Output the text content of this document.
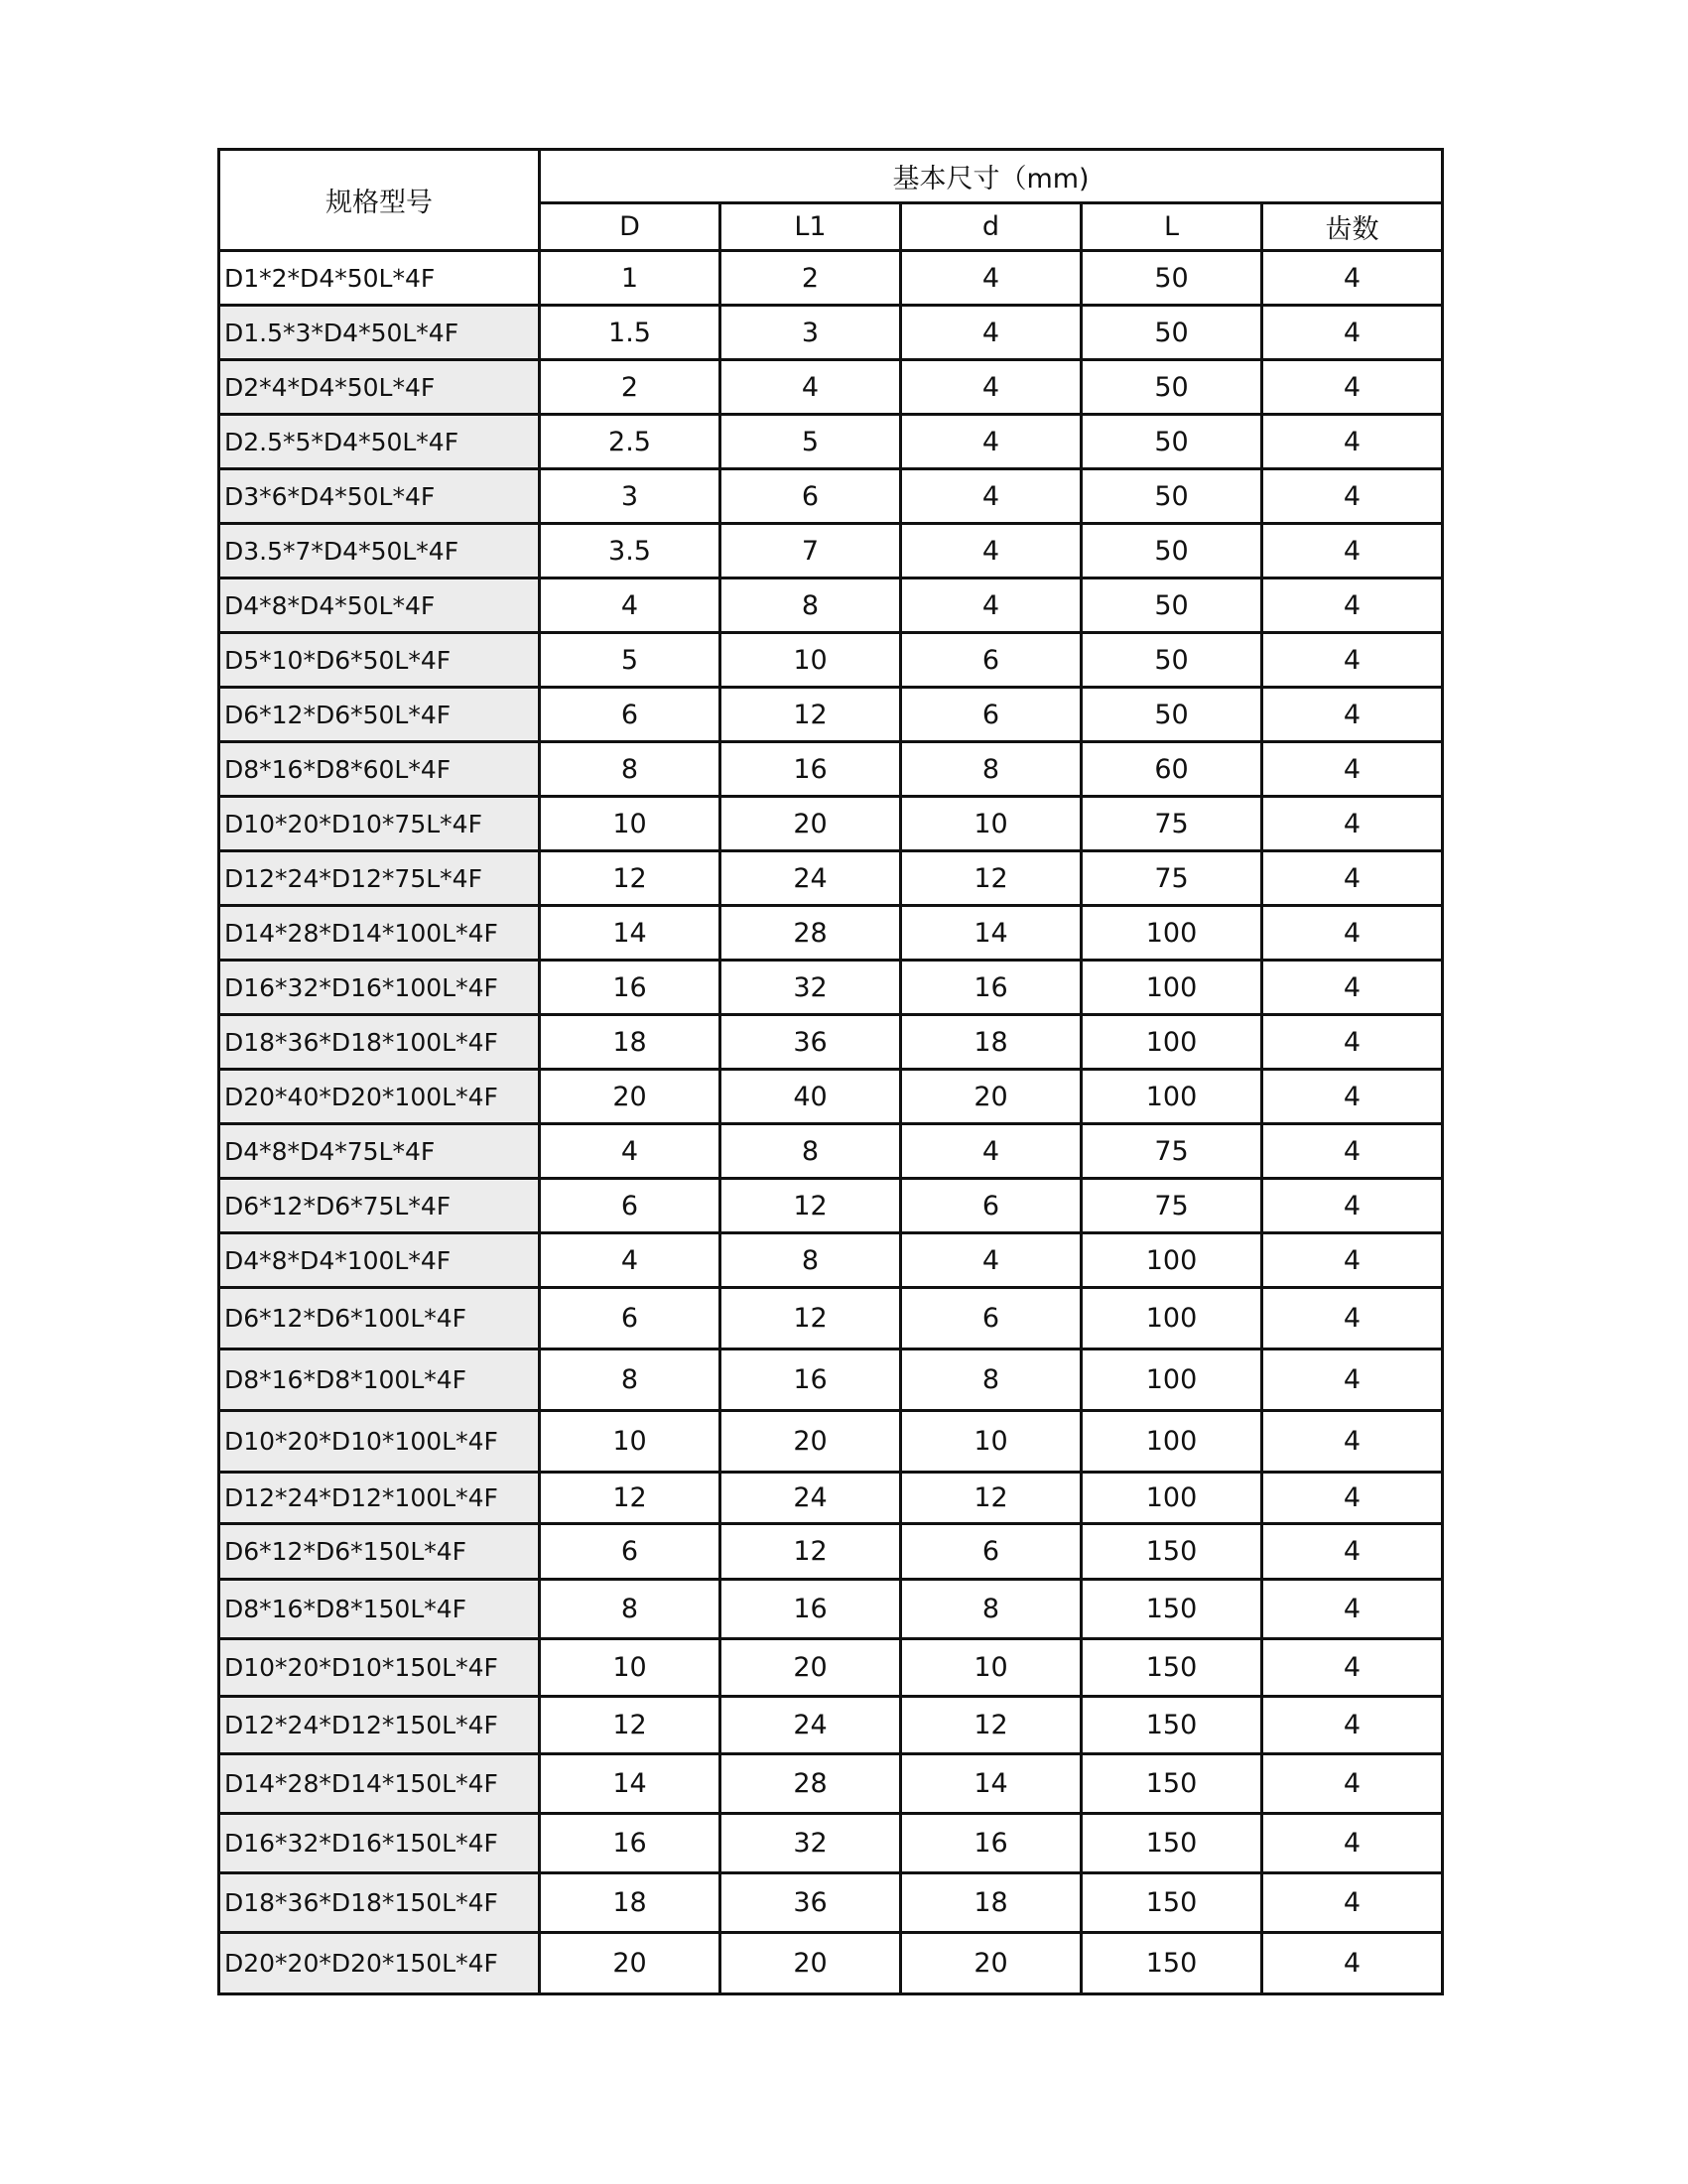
规格型号	基本尺寸（mm)				
	D	L1	d	L	齿数
D1*2*D4*50L*4F	1	2	4	50	4
D1.5*3*D4*50L*4F	1.5	3	4	50	4
D2*4*D4*50L*4F	2	4	4	50	4
D2.5*5*D4*50L*4F	2.5	5	4	50	4
D3*6*D4*50L*4F	3	6	4	50	4
D3.5*7*D4*50L*4F	3.5	7	4	50	4
D4*8*D4*50L*4F	4	8	4	50	4
D5*10*D6*50L*4F	5	10	6	50	4
D6*12*D6*50L*4F	6	12	6	50	4
D8*16*D8*60L*4F	8	16	8	60	4
D10*20*D10*75L*4F	10	20	10	75	4
D12*24*D12*75L*4F	12	24	12	75	4
D14*28*D14*100L*4F	14	28	14	100	4
D16*32*D16*100L*4F	16	32	16	100	4
D18*36*D18*100L*4F	18	36	18	100	4
D20*40*D20*100L*4F	20	40	20	100	4
D4*8*D4*75L*4F	4	8	4	75	4
D6*12*D6*75L*4F	6	12	6	75	4
D4*8*D4*100L*4F	4	8	4	100	4
D6*12*D6*100L*4F	6	12	6	100	4
D8*16*D8*100L*4F	8	16	8	100	4
D10*20*D10*100L*4F	10	20	10	100	4
D12*24*D12*100L*4F	12	24	12	100	4
D6*12*D6*150L*4F	6	12	6	150	4
D8*16*D8*150L*4F	8	16	8	150	4
D10*20*D10*150L*4F	10	20	10	150	4
D12*24*D12*150L*4F	12	24	12	150	4
D14*28*D14*150L*4F	14	28	14	150	4
D16*32*D16*150L*4F	16	32	16	150	4
D18*36*D18*150L*4F	18	36	18	150	4
D20*20*D20*150L*4F	20	20	20	150	4
